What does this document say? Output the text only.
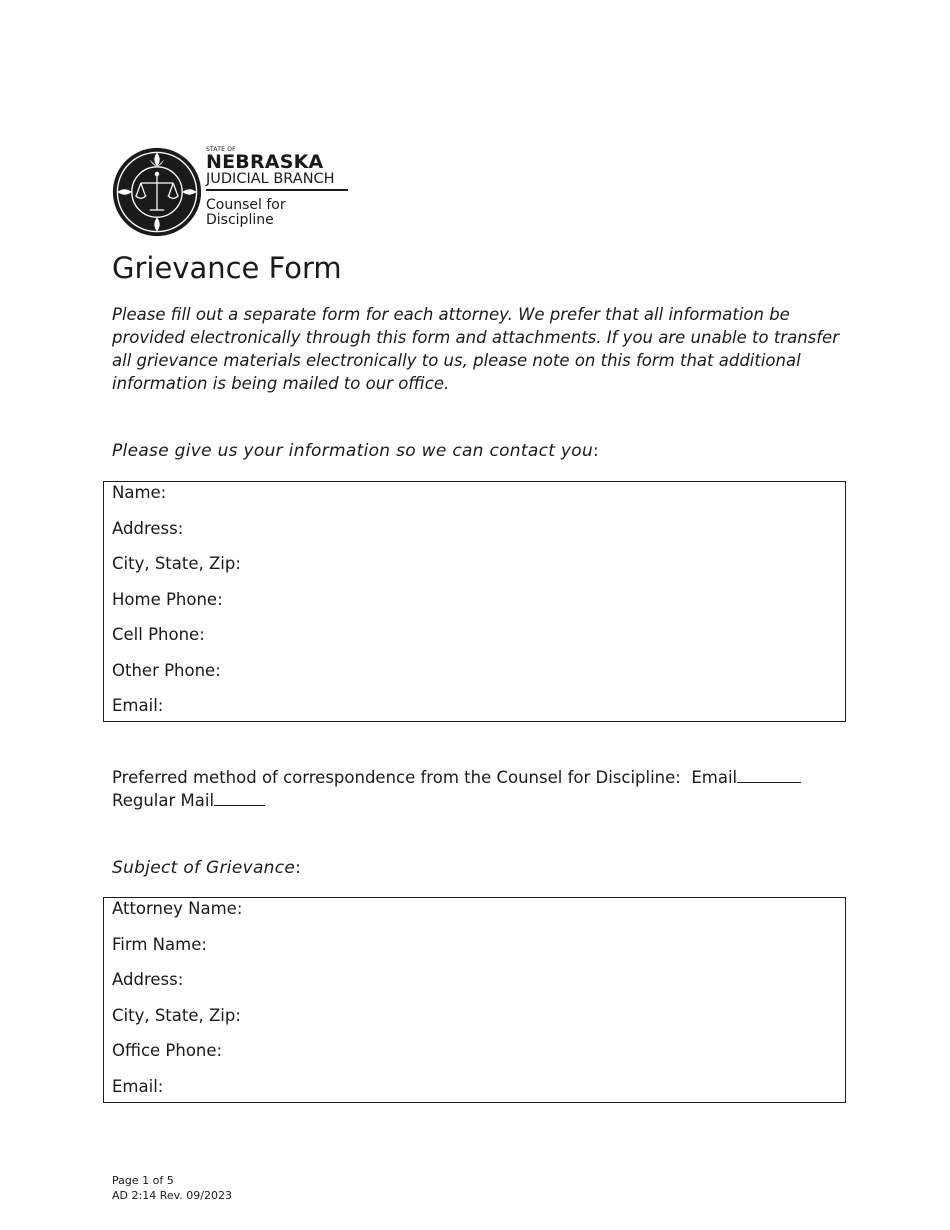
STATE OF
NEBRASKA
JUDICIAL BRANCH
Counsel for
Discipline
Grievance Form

Please fill out a separate form for each attorney. We prefer that all information be provided electronically through this form and attachments. If you are unable to transfer all grievance materials electronically to us, please note on this form that additional information is being mailed to our office.

Please give us your information so we can contact you:

Name:
Address:
City, State, Zip:
Home Phone:
Cell Phone:
Other Phone:
Email:

Preferred method of correspondence from the Counsel for Discipline: Email
Regular Mail

Subject of Grievance:

Attorney Name:
Firm Name:
Address:
City, State, Zip:
Office Phone:
Email:
Page 1 of 5
AD 2:14 Rev. 09/2023
